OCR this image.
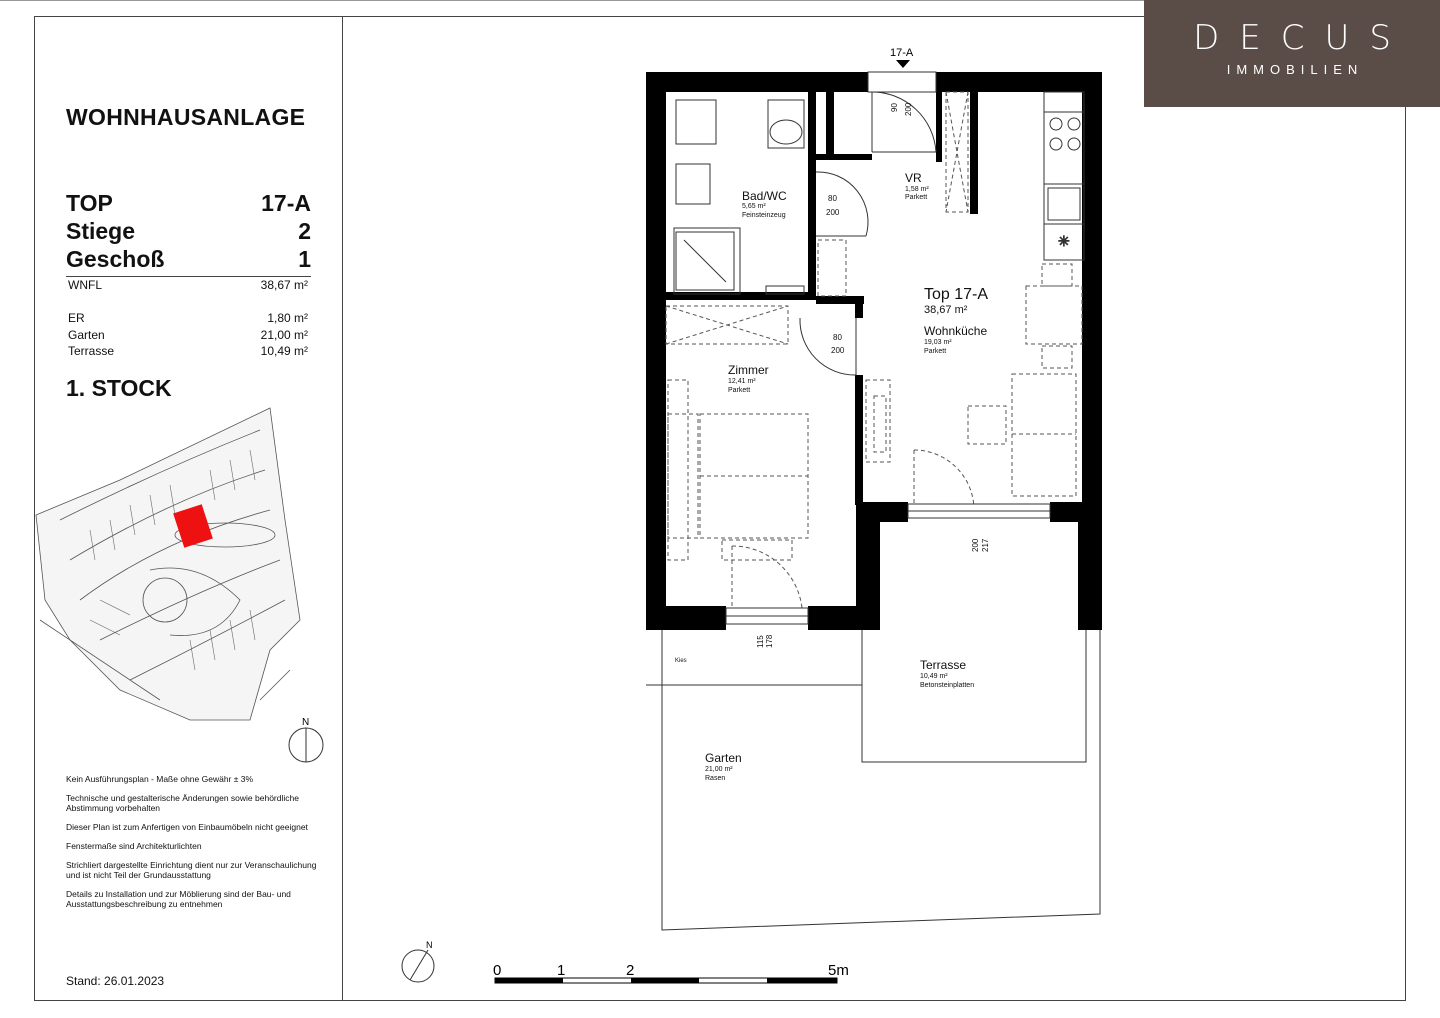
DECUS
IMMOBILIEN
WOHNHAUSANLAGE
TOP	17-A
Stiege	2
Geschoß	1
WNFL	38,67 m²
ER	1,80 m²
Garten	21,00 m²
Terrasse	10,49 m²
1. STOCK
N

Kein Ausführungsplan - Maße ohne Gewähr ± 3%

Technische und gestalterische Änderungen sowie behördliche Abstimmung vorbehalten

Dieser Plan ist zum Anfertigen von Einbaumöbeln nicht geeignet

Fenstermaße sind Architekturlichten

Strichliert dargestellte Einrichtung dient nur zur Veranschaulichung und ist nicht Teil der Grundausstattung

Details zu Installation und zur Möblierung sind der Bau- und Ausstattungsbeschreibung zu entnehmen

Stand: 26.01.2023
✳
17-A
Bad/WC
5,65 m²
Feinsteinzeug
VR
1,58 m²
Parkett
Top 17-A
38,67 m²
Wohnküche
19,03 m²
Parkett
Zimmer
12,41 m²
Parkett
Terrasse
10,49 m²
Betonsteinplatten
Garten
21,00 m²
Rasen
Kies
90 200
80
200
80
200
200 217
115 178
N
0	1	2	5m
